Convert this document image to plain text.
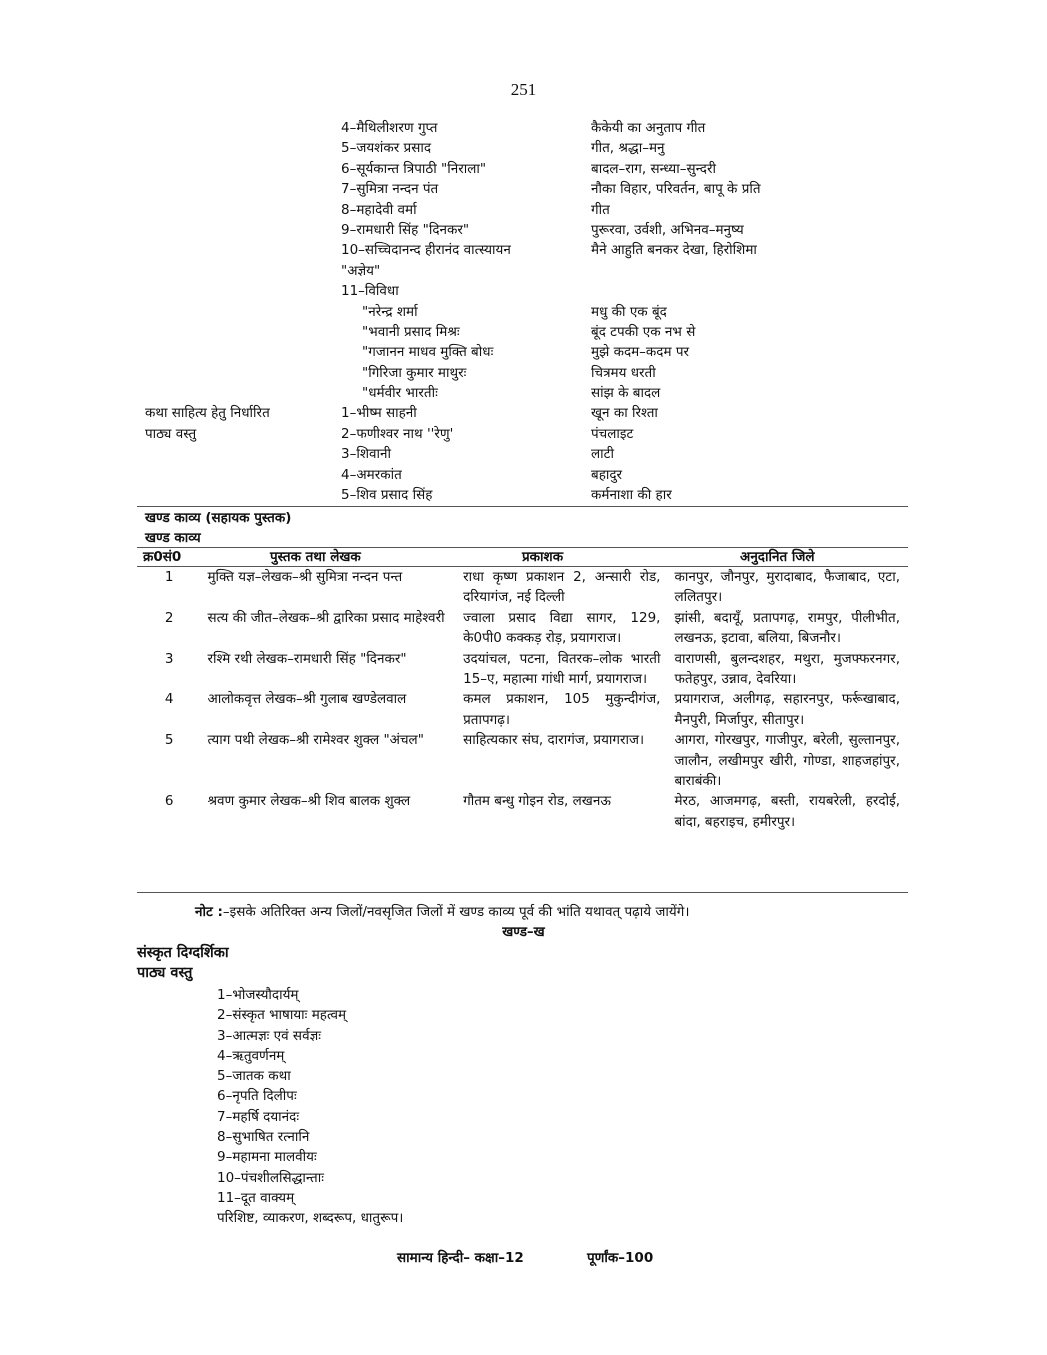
251
4–मैथिलीशरण गुप्त	कैकेयी का अनुताप गीत
5–जयशंकर प्रसाद	गीत, श्रद्धा–मनु
6–सूर्यकान्त त्रिपाठी "निराला"	बादल–राग, सन्ध्या–सुन्दरी
7–सुमित्रा नन्दन पंत	नौका विहार, परिवर्तन, बापू के प्रति
8–महादेवी वर्मा	गीत
9–रामधारी सिंह "दिनकर"	पुरूरवा, उर्वशी, अभिनव–मनुष्य
10–सच्चिदानन्द हीरानंद वात्स्यायन	मैने आहुति बनकर देखा, हिरोशिमा
"अज्ञेय"
11–विविधा
"नरेन्द्र शर्मा	मधु की एक बूंद
"भवानी प्रसाद मिश्रः	बूंद टपकी एक नभ से
"गजानन माधव मुक्ति बोधः	मुझे कदम–कदम पर
"गिरिजा कुमार माथुरः	चित्रमय धरती
"धर्मवीर भारतीः	सांझ के बादल
कथा साहित्य हेतु निर्धारित	1–भीष्म साहनी	खून का रिश्ता
पाठ्य वस्तु	2–फणीश्वर नाथ ''रेणु'	पंचलाइट
3–शिवानी	लाटी
4–अमरकांत	बहादुर
5–शिव प्रसाद सिंह	कर्मनाशा की हार
खण्ड काव्य (सहायक पुस्तक)
खण्ड काव्य
क्र0सं0	पुस्तक तथा लेखक	प्रकाशक	अनुदानित जिले
1	मुक्ति यज्ञ–लेखक–श्री सुमित्रा नन्दन पन्त	राधा कृष्ण प्रकाशन 2, अन्सारी रोड, दरियागंज, नई दिल्ली	कानपुर, जौनपुर, मुरादाबाद, फैजाबाद, एटा, ललितपुर।
2	सत्य की जीत–लेखक–श्री द्वारिका प्रसाद माहेश्वरी	ज्वाला प्रसाद विद्या सागर, 129, के0पी0 कक्कड़ रोड़, प्रयागराज।	झांसी, बदायूँ, प्रतापगढ़, रामपुर, पीलीभीत, लखनऊ, इटावा, बलिया, बिजनौर।
3	रश्मि रथी लेखक–रामधारी सिंह "दिनकर"	उदयांचल, पटना, वितरक–लोक भारती 15–ए, महात्मा गांधी मार्ग, प्रयागराज।	वाराणसी, बुलन्दशहर, मथुरा, मुजफ्फरनगर, फतेहपुर, उन्नाव, देवरिया।
4	आलोकवृत्त लेखक–श्री गुलाब खण्डेलवाल	कमल प्रकाशन, 105 मुकुन्दीगंज, प्रतापगढ़।	प्रयागराज, अलीगढ़, सहारनपुर, फर्रूखाबाद, मैनपुरी, मिर्जापुर, सीतापुर।
5	त्याग पथी लेखक–श्री रामेश्वर शुक्ल "अंचल"	साहित्यकार संघ, दारागंज, प्रयागराज।	आगरा, गोरखपुर, गाजीपुर, बरेली, सुल्तानपुर, जालौन, लखीमपुर खीरी, गोण्डा, शाहजहांपुर, बाराबंकी।
6	श्रवण कुमार लेखक–श्री शिव बालक शुक्ल	गौतम बन्धु गोइन रोड, लखनऊ	मेरठ, आजमगढ़, बस्ती, रायबरेली, हरदोई, बांदा, बहराइच, हमीरपुर।
नोट :–इसके अतिरिक्त अन्य जिलों/नवसृजित जिलों में खण्ड काव्य पूर्व की भांति यथावत् पढ़ाये जायेंगे।
खण्ड–ख
संस्कृत दिग्दर्शिका
पाठ्य वस्तु
1–भोजस्यौदार्यम्
2–संस्कृत भाषायाः महत्वम्
3–आत्मज्ञः एवं सर्वज्ञः
4–ऋतुवर्णनम्
5–जातक कथा
6–नृपति दिलीपः
7–महर्षि दयानंदः
8–सुभाषित रत्नानि
9–महामना मालवीयः
10–पंचशीलसिद्धान्ताः
11–दूत वाक्यम्
परिशिष्ट, व्याकरण, शब्दरूप, धातुरूप।
सामान्य हिन्दी– कक्षा–12	पूर्णांक–100
